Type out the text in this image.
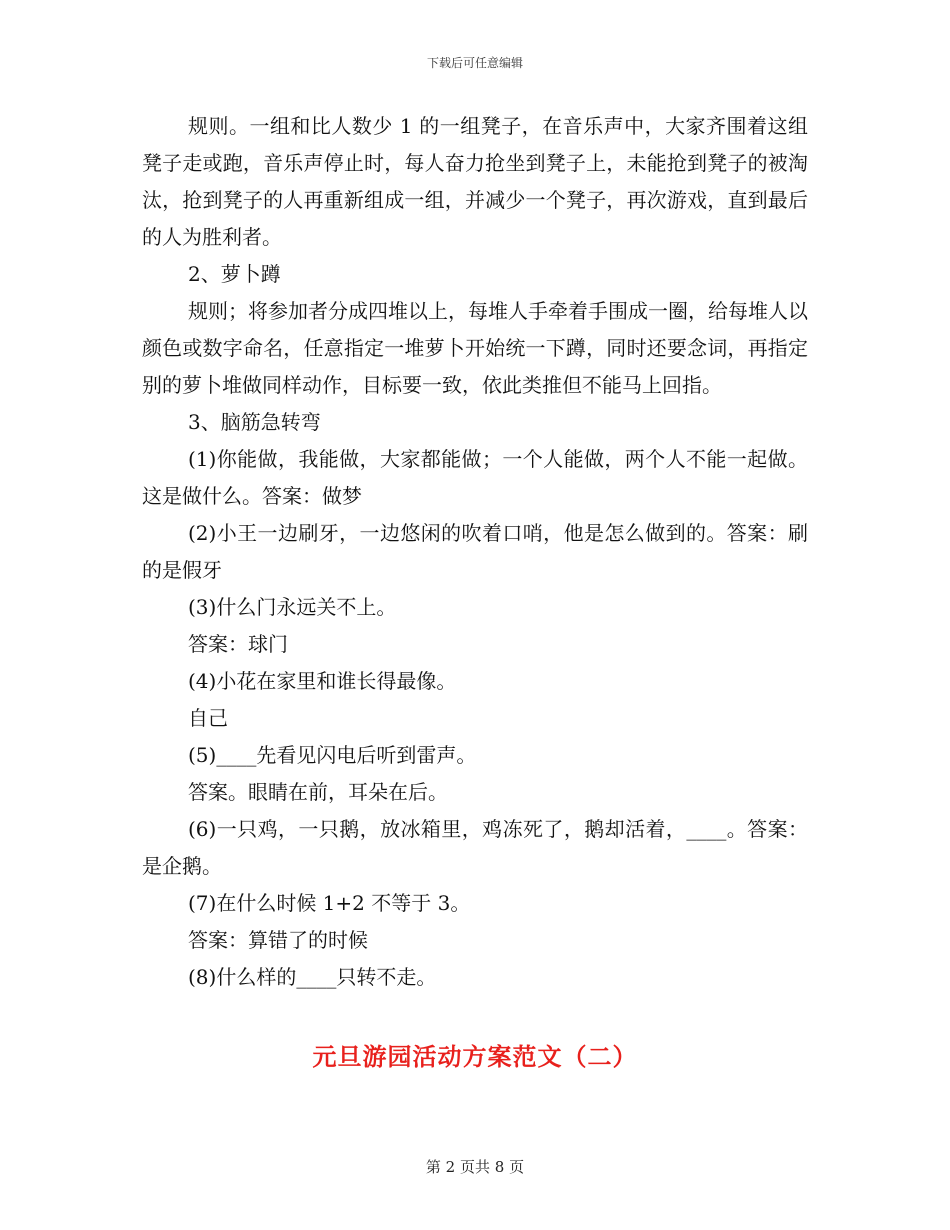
下载后可任意编辑

规则。一组和比人数少 1 的一组凳子，在音乐声中，大家齐围着这组凳子走或跑，音乐声停止时，每人奋力抢坐到凳子上，未能抢到凳子的被淘汰，抢到凳子的人再重新组成一组，并减少一个凳子，再次游戏，直到最后的人为胜利者。

2、萝卜蹲

规则；将参加者分成四堆以上，每堆人手牵着手围成一圈，给每堆人以颜色或数字命名，任意指定一堆萝卜开始统一下蹲，同时还要念词，再指定别的萝卜堆做同样动作，目标要一致，依此类推但不能马上回指。

3、脑筋急转弯

(1)你能做，我能做，大家都能做；一个人能做，两个人不能一起做。这是做什么。答案：做梦

(2)小王一边刷牙，一边悠闲的吹着口哨，他是怎么做到的。答案：刷的是假牙

(3)什么门永远关不上。

答案：球门

(4)小花在家里和谁长得最像。

自己

(5)____先看见闪电后听到雷声。

答案。眼睛在前，耳朵在后。

(6)一只鸡，一只鹅，放冰箱里，鸡冻死了，鹅却活着，____。答案：是企鹅。

(7)在什么时候 1+2 不等于 3。

答案：算错了的时候

(8)什么样的____只转不走。

元旦游园活动方案范文（二）
第 2 页共 8 页
